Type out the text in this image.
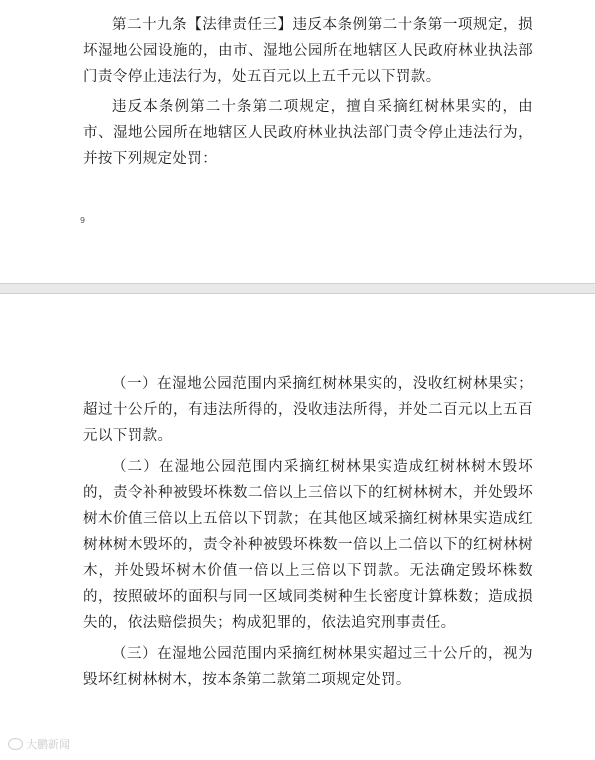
第二十九条【法律责任三】违反本条例第二十条第一项规定，损坏湿地公园设施的，由市、湿地公园所在地辖区人民政府林业执法部门责令停止违法行为，处五百元以上五千元以下罚款。

违反本条例第二十条第二项规定，擅自采摘红树林果实的，由市、湿地公园所在地辖区人民政府林业执法部门责令停止违法行为，并按下列规定处罚：

9

（一）在湿地公园范围内采摘红树林果实的，没收红树林果实；超过十公斤的，有违法所得的，没收违法所得，并处二百元以上五百元以下罚款。

（二）在湿地公园范围内采摘红树林果实造成红树林树木毁坏的，责令补种被毁坏株数二倍以上三倍以下的红树林树木，并处毁坏树木价值三倍以上五倍以下罚款；在其他区域采摘红树林果实造成红树林树木毁坏的，责令补种被毁坏株数一倍以上二倍以下的红树林树木，并处毁坏树木价值一倍以上三倍以下罚款。无法确定毁坏株数的，按照破坏的面积与同一区域同类树种生长密度计算株数；造成损失的，依法赔偿损失；构成犯罪的，依法追究刑事责任。

（三）在湿地公园范围内采摘红树林果实超过三十公斤的，视为毁坏红树林树木，按本条第二款第二项规定处罚。

大鹏新闻
